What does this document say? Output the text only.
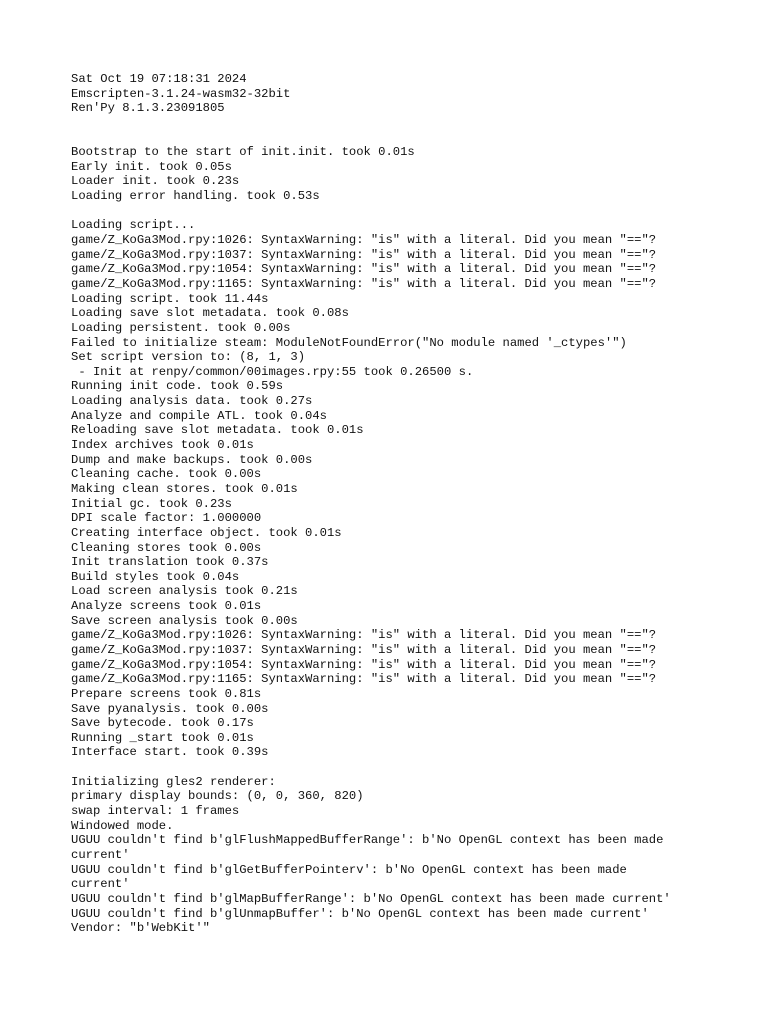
Sat Oct 19 07:18:31 2024
Emscripten-3.1.24-wasm32-32bit
Ren'Py 8.1.3.23091805

Bootstrap to the start of init.init. took 0.01s
Early init. took 0.05s
Loader init. took 0.23s
Loading error handling. took 0.53s

Loading script...
game/Z_KoGa3Mod.rpy:1026: SyntaxWarning: "is" with a literal. Did you mean "=="?
game/Z_KoGa3Mod.rpy:1037: SyntaxWarning: "is" with a literal. Did you mean "=="?
game/Z_KoGa3Mod.rpy:1054: SyntaxWarning: "is" with a literal. Did you mean "=="?
game/Z_KoGa3Mod.rpy:1165: SyntaxWarning: "is" with a literal. Did you mean "=="?
Loading script. took 11.44s
Loading save slot metadata. took 0.08s
Loading persistent. took 0.00s
Failed to initialize steam: ModuleNotFoundError("No module named '_ctypes'")
Set script version to: (8, 1, 3)
- Init at renpy/common/00images.rpy:55 took 0.26500 s.
Running init code. took 0.59s
Loading analysis data. took 0.27s
Analyze and compile ATL. took 0.04s
Reloading save slot metadata. took 0.01s
Index archives took 0.01s
Dump and make backups. took 0.00s
Cleaning cache. took 0.00s
Making clean stores. took 0.01s
Initial gc. took 0.23s
DPI scale factor: 1.000000
Creating interface object. took 0.01s
Cleaning stores took 0.00s
Init translation took 0.37s
Build styles took 0.04s
Load screen analysis took 0.21s
Analyze screens took 0.01s
Save screen analysis took 0.00s
game/Z_KoGa3Mod.rpy:1026: SyntaxWarning: "is" with a literal. Did you mean "=="?
game/Z_KoGa3Mod.rpy:1037: SyntaxWarning: "is" with a literal. Did you mean "=="?
game/Z_KoGa3Mod.rpy:1054: SyntaxWarning: "is" with a literal. Did you mean "=="?
game/Z_KoGa3Mod.rpy:1165: SyntaxWarning: "is" with a literal. Did you mean "=="?
Prepare screens took 0.81s
Save pyanalysis. took 0.00s
Save bytecode. took 0.17s
Running _start took 0.01s
Interface start. took 0.39s

Initializing gles2 renderer:
primary display bounds: (0, 0, 360, 820)
swap interval: 1 frames
Windowed mode.
UGUU couldn't find b'glFlushMappedBufferRange': b'No OpenGL context has been made
current'
UGUU couldn't find b'glGetBufferPointerv': b'No OpenGL context has been made
current'
UGUU couldn't find b'glMapBufferRange': b'No OpenGL context has been made current'
UGUU couldn't find b'glUnmapBuffer': b'No OpenGL context has been made current'
Vendor: "b'WebKit'"
